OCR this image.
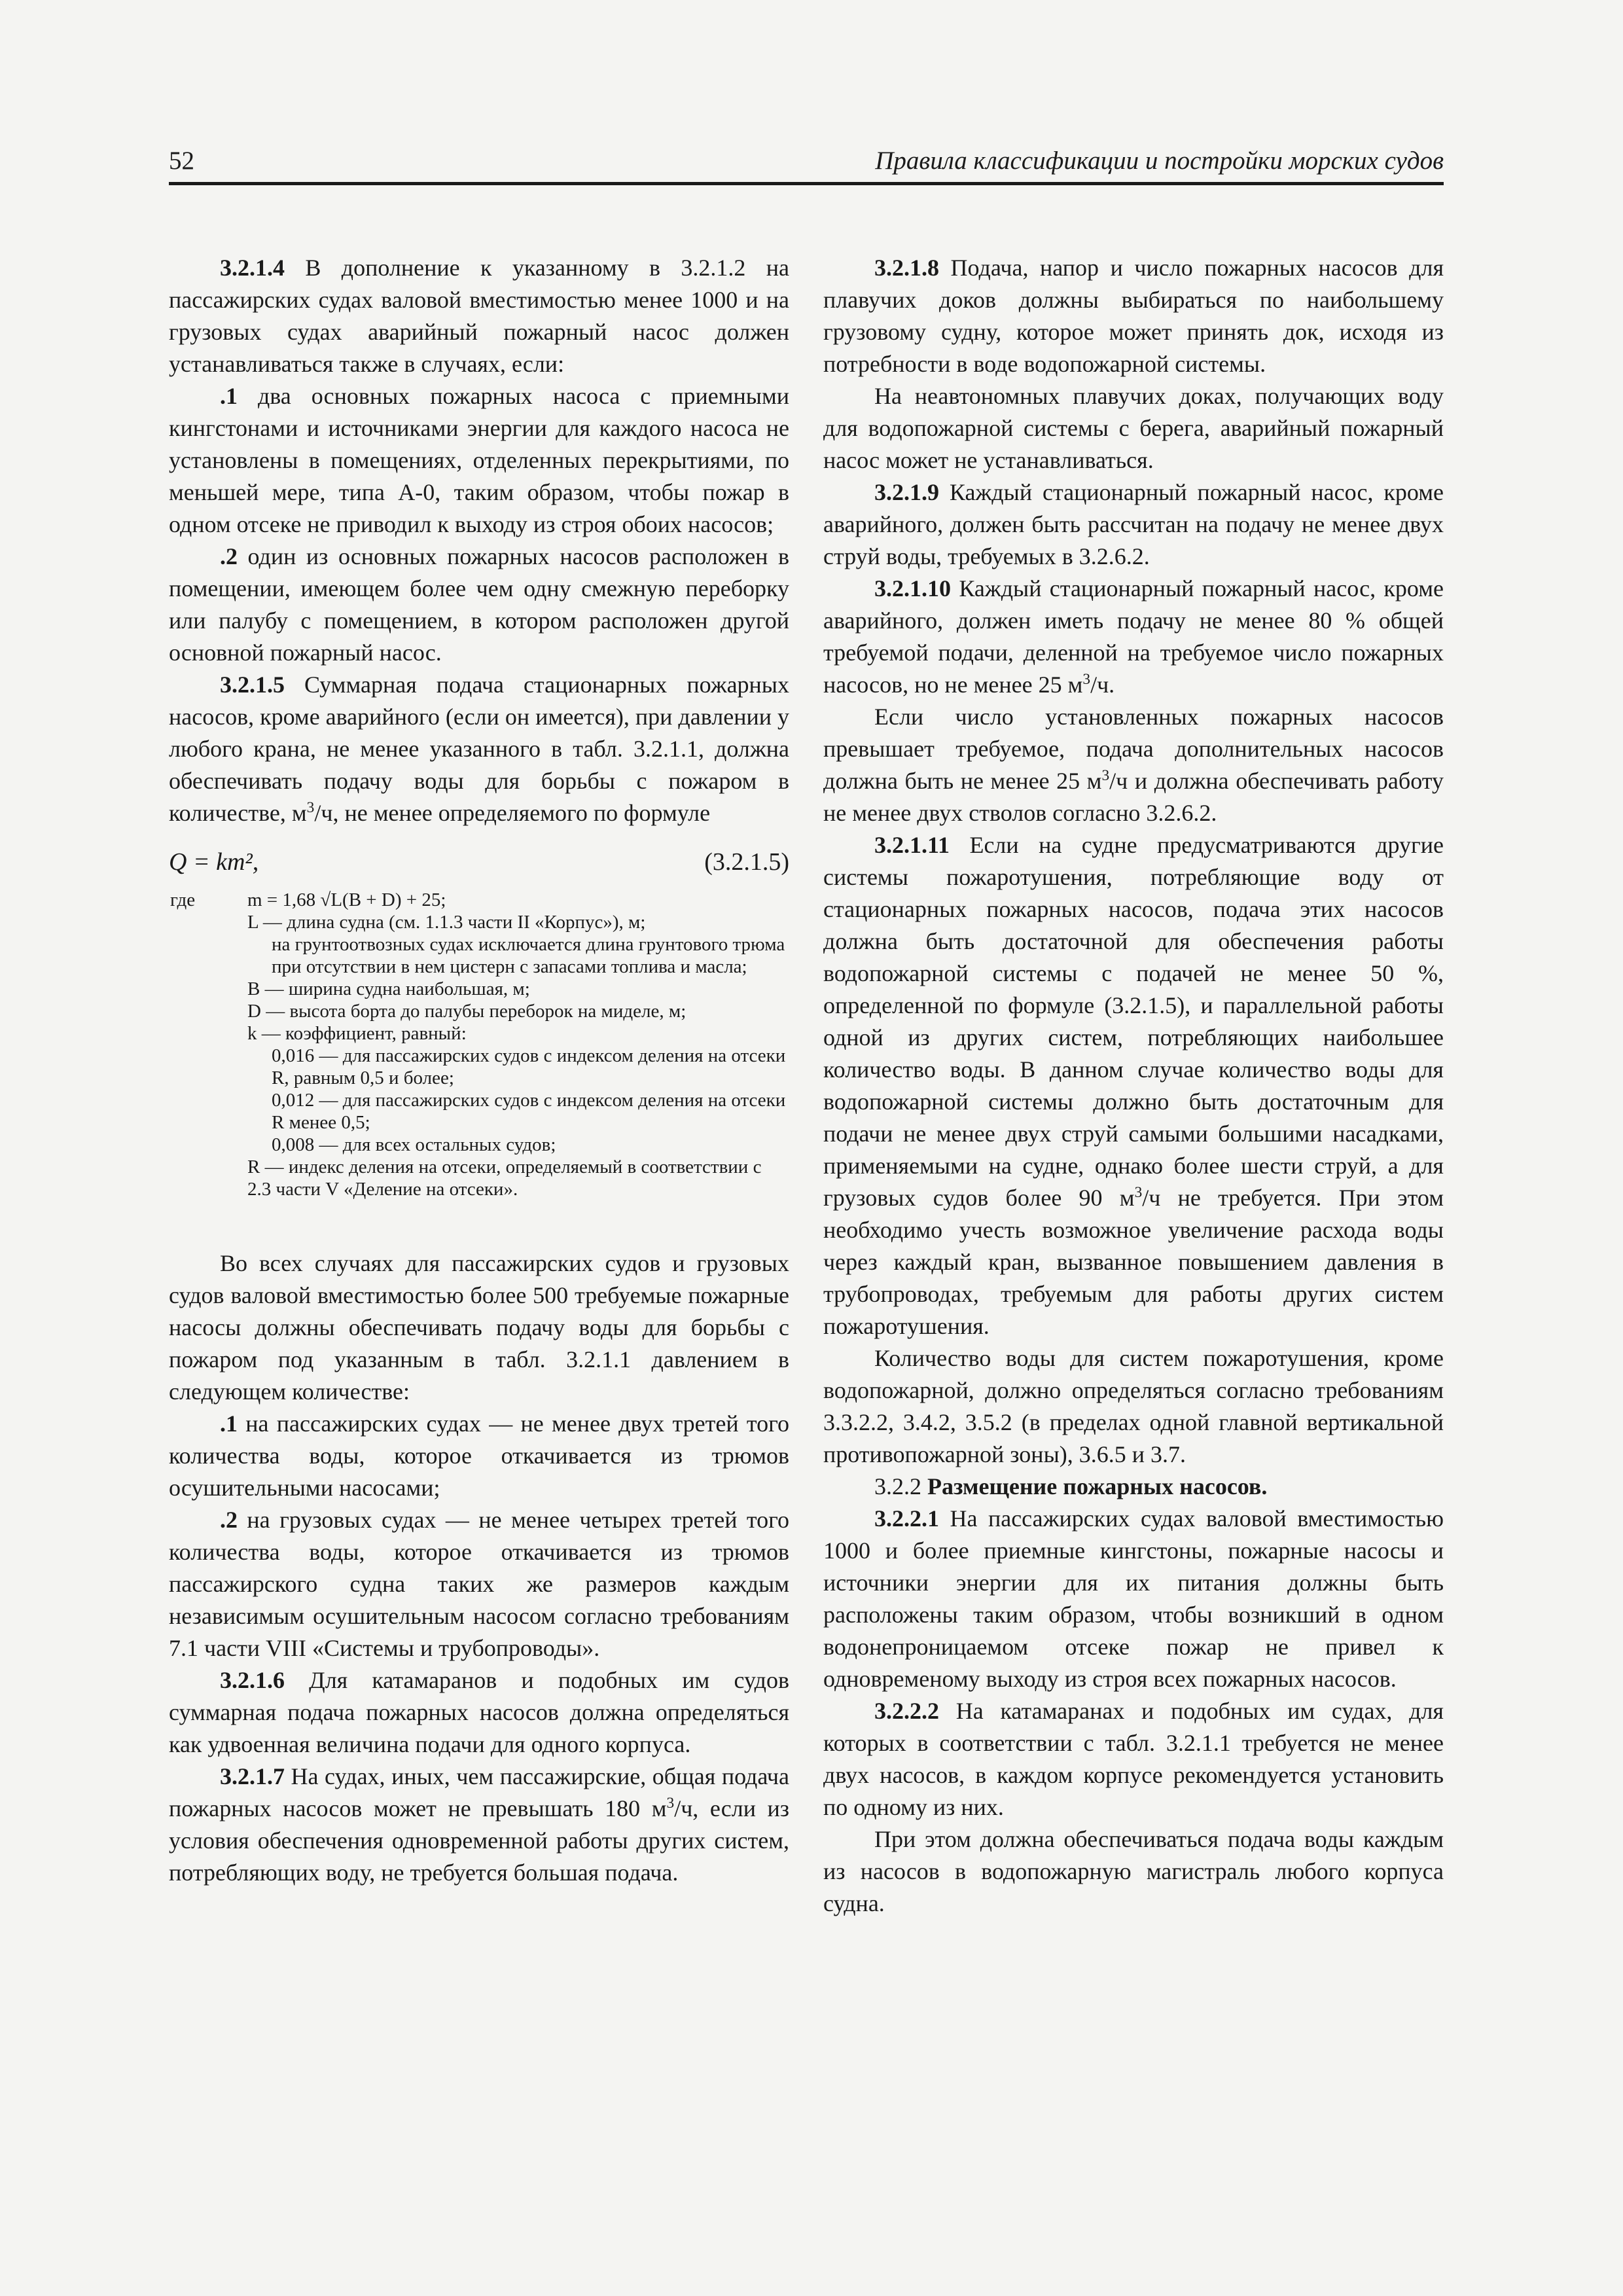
52	Правила классификации и постройки морских судов

3.2.1.4 В дополнение к указанному в 3.2.1.2 на пассажирских судах валовой вместимостью менее 1000 и на грузовых судах аварийный пожарный насос должен устанавливаться также в случаях, если:

.1 два основных пожарных насоса с приемными кингстонами и источниками энергии для каждого насоса не установлены в помещениях, отделенных перекрытиями, по меньшей мере, типа А-0, таким образом, чтобы пожар в одном отсеке не приводил к выходу из строя обоих насосов;

.2 один из основных пожарных насосов расположен в помещении, имеющем более чем одну смежную переборку или палубу с помещением, в котором расположен другой основной пожарный насос.

3.2.1.5 Суммарная подача стационарных пожарных насосов, кроме аварийного (если он имеется), при давлении у любого крана, не менее указанного в табл. 3.2.1.1, должна обеспечивать подачу воды для борьбы с пожаром в количестве, $м^3/ч$, не менее определяемого по формуле

Q = km²,	(3.2.1.5)
где	m = 1,68 √L(B + D) + 25;
L — длина судна (см. 1.1.3 части II «Корпус»), м;
на грунтоотвозных судах исключается длина грунтового трюма при отсутствии в нем цистерн с запасами топлива и масла;
B — ширина судна наибольшая, м;
D — высота борта до палубы переборок на миделе, м;
k — коэффициент, равный:
0,016 — для пассажирских судов с индексом деления на отсеки R, равным 0,5 и более;
0,012 — для пассажирских судов с индексом деления на отсеки R менее 0,5;
0,008 — для всех остальных судов;
R — индекс деления на отсеки, определяемый в соответствии с 2.3 части V «Деление на отсеки».

Во всех случаях для пассажирских судов и грузовых судов валовой вместимостью более 500 требуемые пожарные насосы должны обеспечивать подачу воды для борьбы с пожаром под указанным в табл. 3.2.1.1 давлением в следующем количестве:

.1 на пассажирских судах — не менее двух третей того количества воды, которое откачивается из трюмов осушительными насосами;

.2 на грузовых судах — не менее четырех третей того количества воды, которое откачивается из трюмов пассажирского судна таких же размеров каждым независимым осушительным насосом согласно требованиям 7.1 части VIII «Системы и трубопроводы».

3.2.1.6 Для катамаранов и подобных им судов суммарная подача пожарных насосов должна определяться как удвоенная величина подачи для одного корпуса.

3.2.1.7 На судах, иных, чем пассажирские, общая подача пожарных насосов может не превышать 180 $м^3/ч$, если из условия обеспечения одновременной работы других систем, потребляющих воду, не требуется большая подача.

3.2.1.8 Подача, напор и число пожарных насосов для плавучих доков должны выбираться по наибольшему грузовому судну, которое может принять док, исходя из потребности в воде водопожарной системы.

На неавтономных плавучих доках, получающих воду для водопожарной системы с берега, аварийный пожарный насос может не устанавливаться.

3.2.1.9 Каждый стационарный пожарный насос, кроме аварийного, должен быть рассчитан на подачу не менее двух струй воды, требуемых в 3.2.6.2.

3.2.1.10 Каждый стационарный пожарный насос, кроме аварийного, должен иметь подачу не менее 80 % общей требуемой подачи, деленной на требуемое число пожарных насосов, но не менее 25 $м^3/ч$.

Если число установленных пожарных насосов превышает требуемое, подача дополнительных насосов должна быть не менее 25 $м^3/ч$ и должна обеспечивать работу не менее двух стволов согласно 3.2.6.2.

3.2.1.11 Если на судне предусматриваются другие системы пожаротушения, потребляющие воду от стационарных пожарных насосов, подача этих насосов должна быть достаточной для обеспечения работы водопожарной системы с подачей не менее 50 %, определенной по формуле (3.2.1.5), и параллельной работы одной из других систем, потребляющих наибольшее количество воды. В данном случае количество воды для водопожарной системы должно быть достаточным для подачи не менее двух струй самыми большими насадками, применяемыми на судне, однако более шести струй, а для грузовых судов более 90 $м^3/ч$ не требуется. При этом необходимо учесть возможное увеличение расхода воды через каждый кран, вызванное повышением давления в трубопроводах, требуемым для работы других систем пожаротушения.

Количество воды для систем пожаротушения, кроме водопожарной, должно определяться согласно требованиям 3.3.2.2, 3.4.2, 3.5.2 (в пределах одной главной вертикальной противопожарной зоны), 3.6.5 и 3.7.

3.2.2 Размещение пожарных насосов.

3.2.2.1 На пассажирских судах валовой вместимостью 1000 и более приемные кингстоны, пожарные насосы и источники энергии для их питания должны быть расположены таким образом, чтобы возникший в одном водонепроницаемом отсеке пожар не привел к одновременому выходу из строя всех пожарных насосов.

3.2.2.2 На катамаранах и подобных им судах, для которых в соответствии с табл. 3.2.1.1 требуется не менее двух насосов, в каждом корпусе рекомендуется установить по одному из них.

При этом должна обеспечиваться подача воды каждым из насосов в водопожарную магистраль любого корпуса судна.
